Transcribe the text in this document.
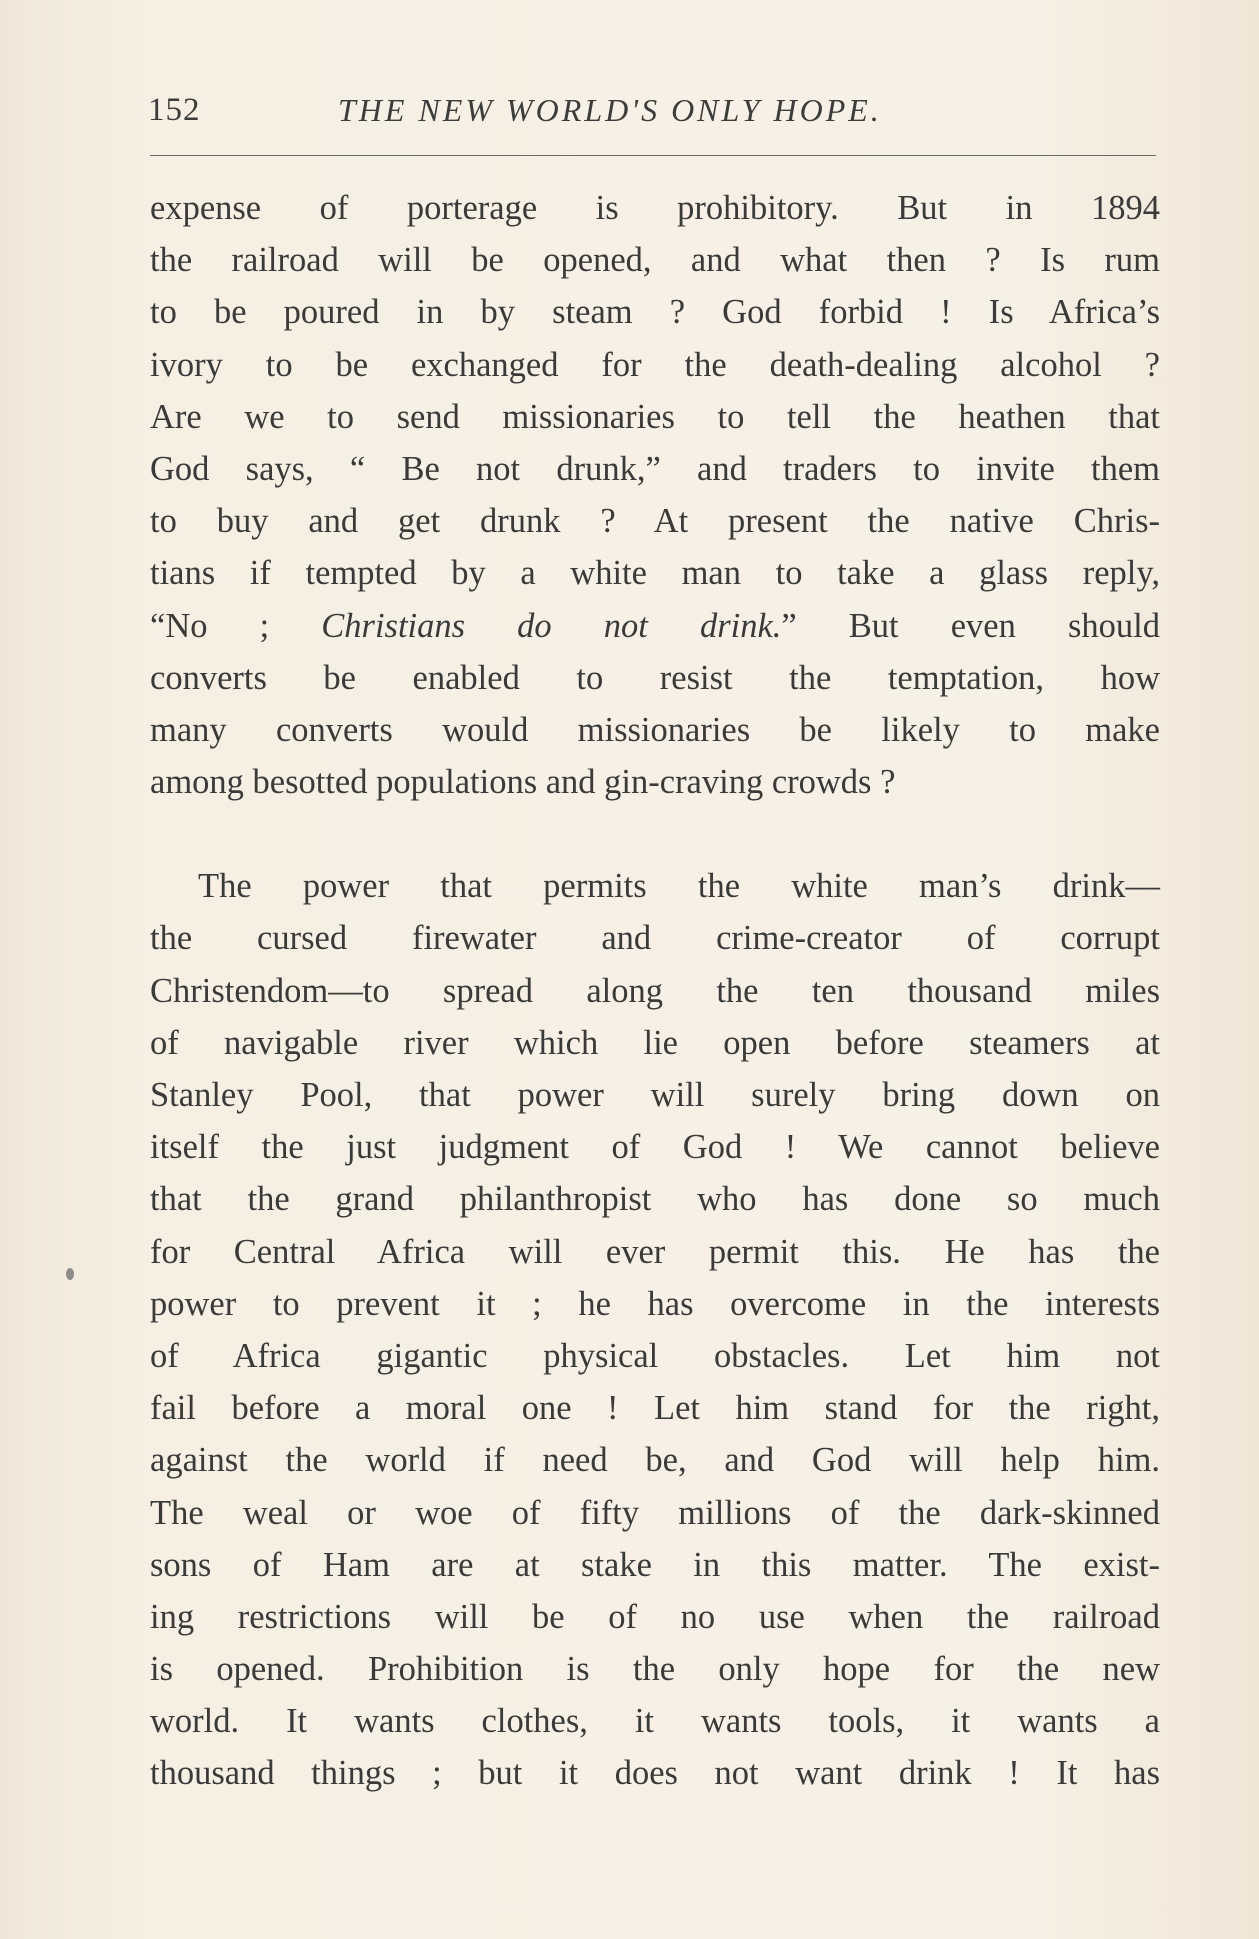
152	THE NEW WORLD'S ONLY HOPE.
expense of porterage is prohibitory. But in 1894
the railroad will be opened, and what then ? Is rum
to be poured in by steam ? God forbid ! Is Africa’s
ivory to be exchanged for the death-dealing alcohol ?
Are we to send missionaries to tell the heathen that
God says, “ Be not drunk,” and traders to invite them
to buy and get drunk ? At present the native Chris-
tians if tempted by a white man to take a glass reply,
“No ; Christians do not drink.” But even should
converts be enabled to resist the temptation, how
many converts would missionaries be likely to make
among besotted populations and gin-craving crowds ?
The power that permits the white man’s drink—
the cursed firewater and crime-creator of corrupt
Christendom—to spread along the ten thousand miles
of navigable river which lie open before steamers at
Stanley Pool, that power will surely bring down on
itself the just judgment of God ! We cannot believe
that the grand philanthropist who has done so much
for Central Africa will ever permit this. He has the
power to prevent it ; he has overcome in the interests
of Africa gigantic physical obstacles. Let him not
fail before a moral one ! Let him stand for the right,
against the world if need be, and God will help him.
The weal or woe of fifty millions of the dark-skinned
sons of Ham are at stake in this matter. The exist-
ing restrictions will be of no use when the railroad
is opened. Prohibition is the only hope for the new
world. It wants clothes, it wants tools, it wants a
thousand things ; but it does not want drink ! It has
